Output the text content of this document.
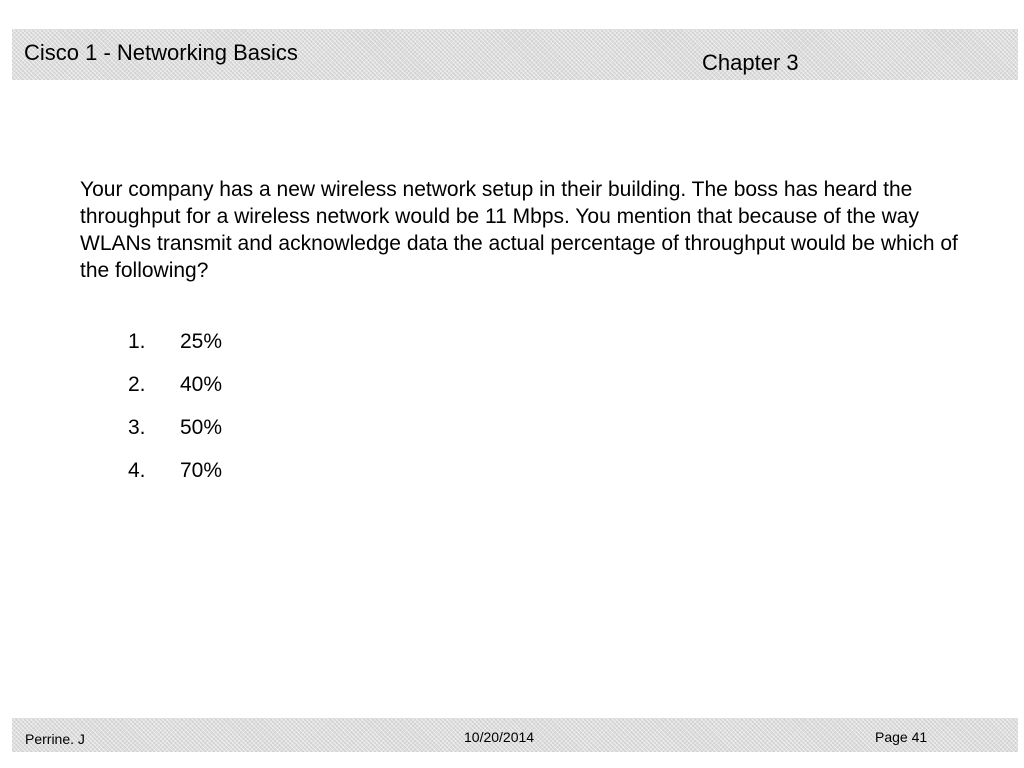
Cisco 1 - Networking Basics	Chapter 3

Your company has a new wireless network setup in their building. The boss has heard the throughput for a wireless network would be 11 Mbps. You mention that because of the way WLANs transmit and acknowledge data the actual percentage of throughput would be which of the following?

1. 25%
2. 40%
3. 50%
4. 70%
Perrine. J	10/20/2014	Page 41
